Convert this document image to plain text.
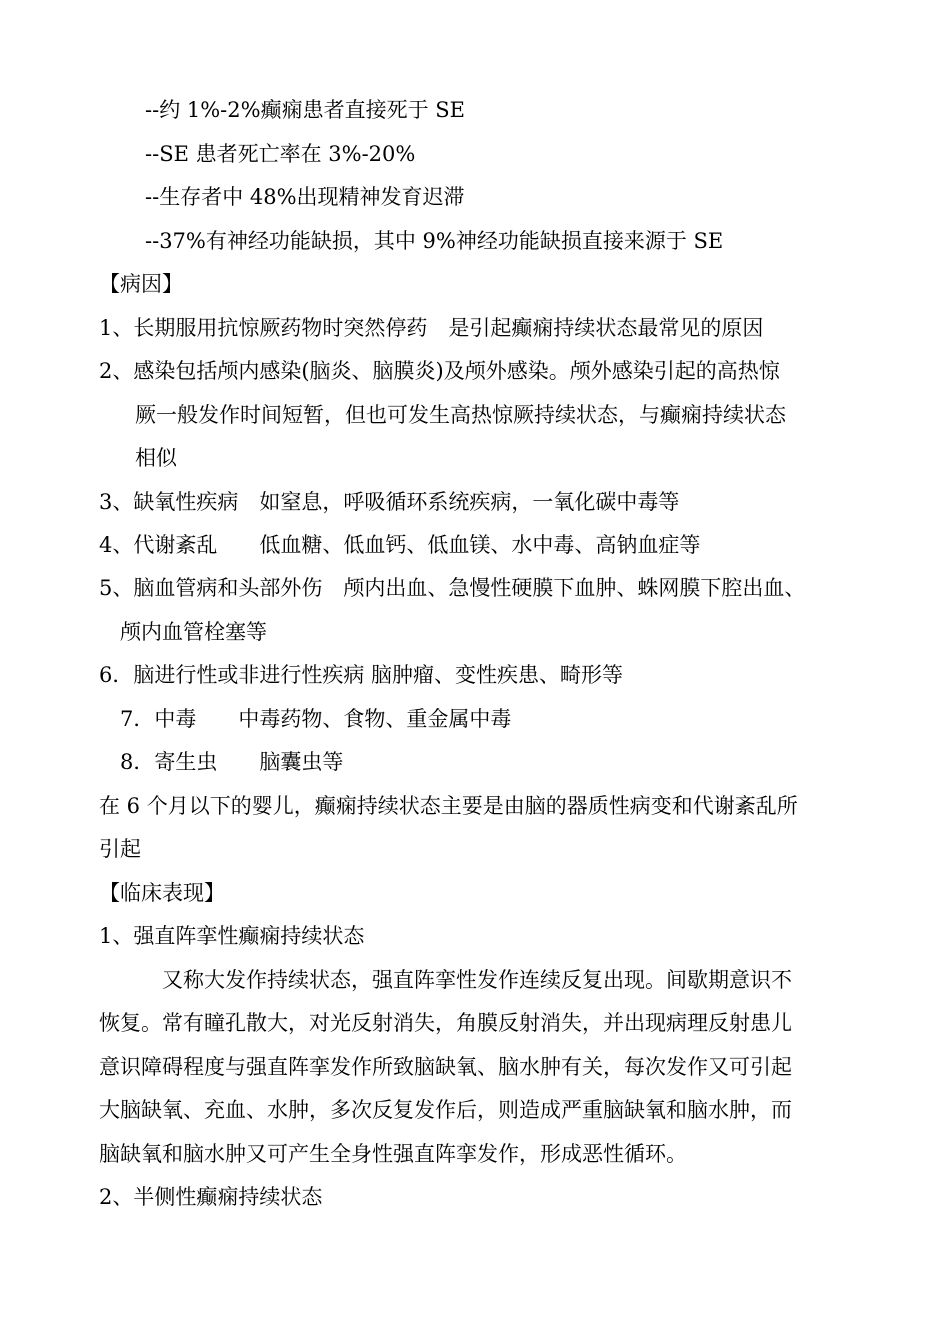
--约 1%-2%癫痫患者直接死于 SE
--SE 患者死亡率在 3%-20%
--生存者中 48%出现精神发育迟滞
--37%有神经功能缺损，其中 9%神经功能缺损直接来源于 SE
【病因】
1、长期服用抗惊厥药物时突然停药　是引起癫痫持续状态最常见的原因
2、感染包括颅内感染(脑炎、脑膜炎)及颅外感染。颅外感染引起的高热惊
厥一般发作时间短暂，但也可发生高热惊厥持续状态，与癫痫持续状态
相似
3、缺氧性疾病　如窒息，呼吸循环系统疾病，一氧化碳中毒等
4、代谢紊乱　　低血糖、低血钙、低血镁、水中毒、高钠血症等
5、脑血管病和头部外伤　颅内出血、急慢性硬膜下血肿、蛛网膜下腔出血、
颅内血管栓塞等
6．脑进行性或非进行性疾病 脑肿瘤、变性疾患、畸形等
7．中毒　　中毒药物、食物、重金属中毒
8．寄生虫　　脑囊虫等
在 6 个月以下的婴儿，癫痫持续状态主要是由脑的器质性病变和代谢紊乱所
引起
【临床表现】
1、强直阵挛性癫痫持续状态
又称大发作持续状态，强直阵挛性发作连续反复出现。间歇期意识不
恢复。常有瞳孔散大，对光反射消失，角膜反射消失，并出现病理反射患儿
意识障碍程度与强直阵挛发作所致脑缺氧、脑水肿有关，每次发作又可引起
大脑缺氧、充血、水肿，多次反复发作后，则造成严重脑缺氧和脑水肿，而
脑缺氧和脑水肿又可产生全身性强直阵挛发作，形成恶性循环。
2、半侧性癫痫持续状态
